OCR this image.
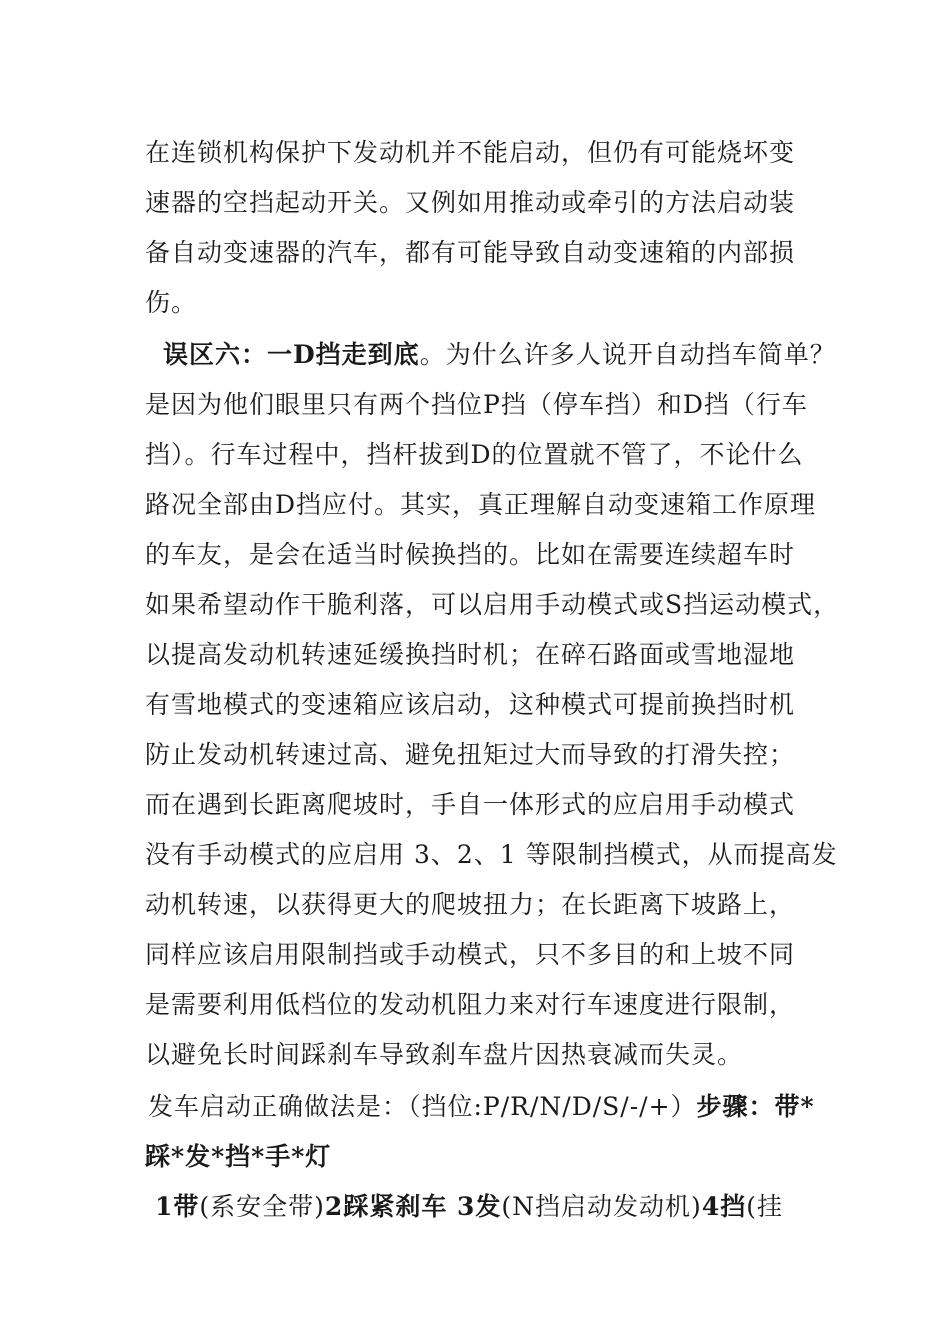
在连锁机构保护下发动机并不能启动，但仍有可能烧坏变
速器的空挡起动开关。又例如用推动或牵引的方法启动装
备自动变速器的汽车，都有可能导致自动变速箱的内部损
伤。
误区六：一D挡走到底。为什么许多人说开自动挡车简单？
是因为他们眼里只有两个挡位P挡（停车挡）和D挡（行车
挡）。行车过程中，挡杆拔到D的位置就不管了，不论什么
路况全部由D挡应付。其实，真正理解自动变速箱工作原理
的车友，是会在适当时候换挡的。比如在需要连续超车时
如果希望动作干脆利落，可以启用手动模式或S挡运动模式，
以提高发动机转速延缓换挡时机；在碎石路面或雪地湿地
有雪地模式的变速箱应该启动，这种模式可提前换挡时机
防止发动机转速过高、避免扭矩过大而导致的打滑失控；
而在遇到长距离爬坡时，手自一体形式的应启用手动模式
没有手动模式的应启用 3、2、1 等限制挡模式，从而提高发
动机转速，以获得更大的爬坡扭力；在长距离下坡路上，
同样应该启用限制挡或手动模式，只不多目的和上坡不同
是需要利用低档位的发动机阻力来对行车速度进行限制，
以避免长时间踩刹车导致刹车盘片因热衰减而失灵。
发车启动正确做法是：（挡位:P/R/N/D/S/-/+）步骤：带*
踩*发*挡*手*灯
1带(系安全带)2踩紧刹车 3发(N挡启动发动机)4挡(挂
